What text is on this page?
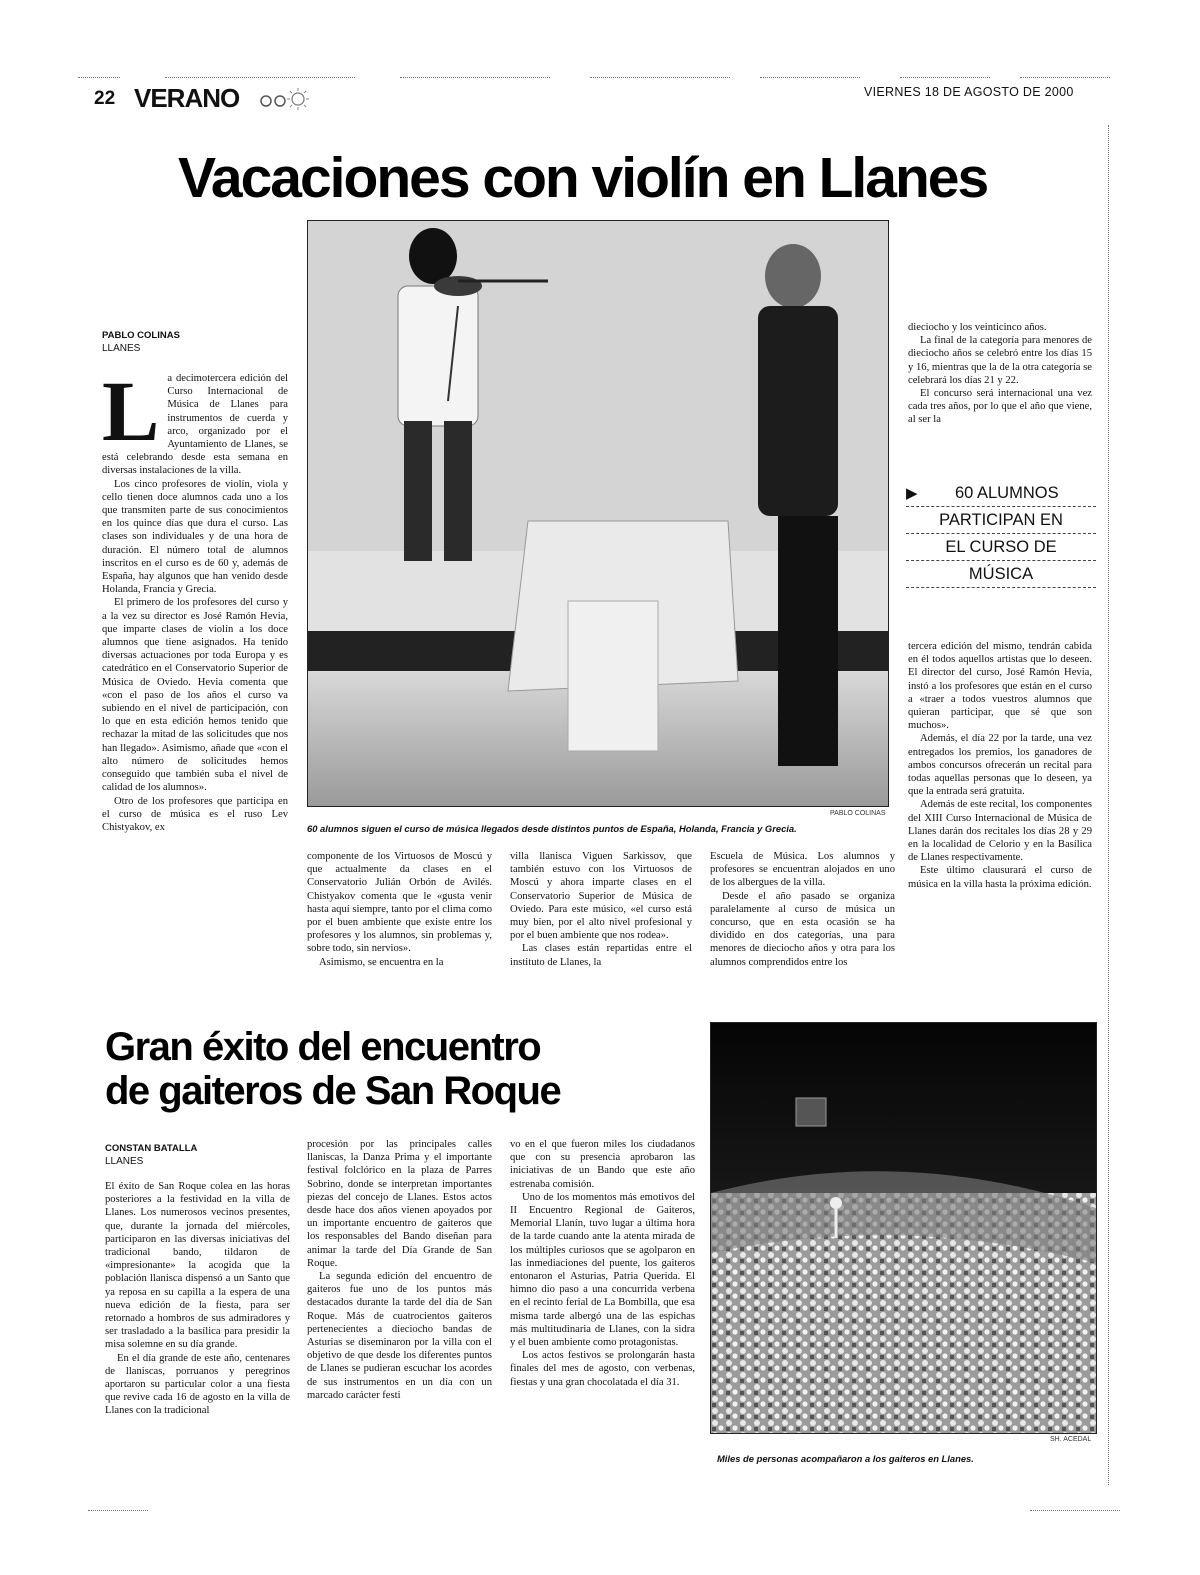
22 VERANO	VIERNES 18 DE AGOSTO DE 2000
Vacaciones con violín en Llanes
PABLO COLINAS
60 alumnos siguen el curso de música llegados desde distintos puntos de España, Holanda, Francia y Grecia.
PABLO COLINAS
LLANES

La decimotercera edición del Curso Internacional de Música de Llanes para instrumentos de cuerda y arco, organizado por el Ayuntamiento de Llanes, se está celebrando desde esta semana en diversas instalaciones de la villa.

Los cinco profesores de violín, viola y cello tienen doce alumnos cada uno a los que transmiten parte de sus conocimientos en los quince días que dura el curso. Las clases son individuales y de una hora de duración. El número total de alumnos inscritos en el curso es de 60 y, además de España, hay algunos que han venido desde Holanda, Francia y Grecia.

El primero de los profesores del curso y a la vez su director es José Ramón Hevia, que imparte clases de violín a los doce alumnos que tiene asignados. Ha tenido diversas actuaciones por toda Europa y es catedrático en el Conservatorio Superior de Música de Oviedo. Hevia comenta que «con el paso de los años el curso va subiendo en el nivel de participación, con lo que en esta edición hemos tenido que rechazar la mitad de las solicitudes que nos han llegado». Asimismo, añade que «con el alto número de solicitudes hemos conseguido que también suba el nivel de calidad de los alumnos».

Otro de los profesores que participa en el curso de música es el ruso Lev Chistyakov, ex

componente de los Virtuosos de Moscú y que actualmente da clases en el Conservatorio Julián Orbón de Avilés. Chistyakov comenta que le «gusta venir hasta aquí siempre, tanto por el clima como por el buen ambiente que existe entre los profesores y los alumnos, sin problemas y, sobre todo, sin nervios».

Asimismo, se encuentra en la

villa llanisca Viguen Sarkissov, que también estuvo con los Virtuosos de Moscú y ahora imparte clases en el Conservatorio Superior de Música de Oviedo. Para este músico, «el curso está muy bien, por el alto nivel profesional y por el buen ambiente que nos rodea».

Las clases están repartidas entre el instituto de Llanes, la

Escuela de Música. Los alumnos y profesores se encuentran alojados en uno de los albergues de la villa.

Desde el año pasado se organiza paralelamente al curso de música un concurso, que en esta ocasión se ha dividido en dos categorías, una para menores de dieciocho años y otra para los alumnos comprendidos entre los

dieciocho y los veinticinco años.

La final de la categoría para menores de dieciocho años se celebró entre los días 15 y 16, mientras que la de la otra categoría se celebrará los días 21 y 22.

El concurso será internacional una vez cada tres años, por lo que el año que viene, al ser la

▶ 60 ALUMNOS
PARTICIPAN EN
EL CURSO DE
MÚSICA

tercera edición del mismo, tendrán cabida en él todos aquellos artistas que lo deseen. El director del curso, José Ramón Hevia, instó a los profesores que están en el curso a «traer a todos vuestros alumnos que quieran participar, que sé que son muchos».

Además, el día 22 por la tarde, una vez entregados los premios, los ganadores de ambos concursos ofrecerán un recital para todas aquellas personas que lo deseen, ya que la entrada será gratuita.

Además de este recital, los componentes del XIII Curso Internacional de Música de Llanes darán dos recitales los días 28 y 29 en la localidad de Celorio y en la Basílica de Llanes respectivamente.

Este último clausurará el curso de música en la villa hasta la próxima edición.

Gran éxito del encuentro
de gaiteros de San Roque
CONSTAN BATALLA
LLANES

El éxito de San Roque colea en las horas posteriores a la festividad en la villa de Llanes. Los numerosos vecinos presentes, que, durante la jornada del miércoles, participaron en las diversas iniciativas del tradicional bando, tildaron de «impresionante» la acogida que la población llanisca dispensó a un Santo que ya reposa en su capilla a la espera de una nueva edición de la fiesta, para ser retornado a hombros de sus admiradores y ser trasladado a la basílica para presidir la misa solemne en su día grande.

En el día grande de este año, centenares de llaniscas, porruanos y peregrinos aportaron su particular color a una fiesta que revive cada 16 de agosto en la villa de Llanes con la tradicional

procesión por las principales calles llaniscas, la Danza Prima y el importante festival folclórico en la plaza de Parres Sobrino, donde se interpretan importantes piezas del concejo de Llanes. Estos actos desde hace dos años vienen apoyados por un importante encuentro de gaiteros que los responsables del Bando diseñan para animar la tarde del Día Grande de San Roque.

La segunda edición del encuentro de gaiteros fue uno de los puntos más destacados durante la tarde del día de San Roque. Más de cuatrocientos gaiteros pertenecientes a dieciocho bandas de Asturias se diseminaron por la villa con el objetivo de que desde los diferentes puntos de Llanes se pudieran escuchar los acordes de sus instrumentos en un día con un marcado carácter festi

vo en el que fueron miles los ciudadanos que con su presencia aprobaron las iniciativas de un Bando que este año estrenaba comisión.

Uno de los momentos más emotivos del II Encuentro Regional de Gaiteros, Memorial Llanín, tuvo lugar a última hora de la tarde cuando ante la atenta mirada de los múltiples curiosos que se agolparon en las inmediaciones del puente, los gaiteros entonaron el Asturias, Patria Querida. El himno dio paso a una concurrida verbena en el recinto ferial de La Bombilla, que esa misma tarde albergó una de las espichas más multitudinaria de Llanes, con la sidra y el buen ambiente como protagonistas.

Los actos festivos se prolongarán hasta finales del mes de agosto, con verbenas, fiestas y una gran chocolatada el día 31.

SH. ACEDAL
Miles de personas acompañaron a los gaiteros en Llanes.
